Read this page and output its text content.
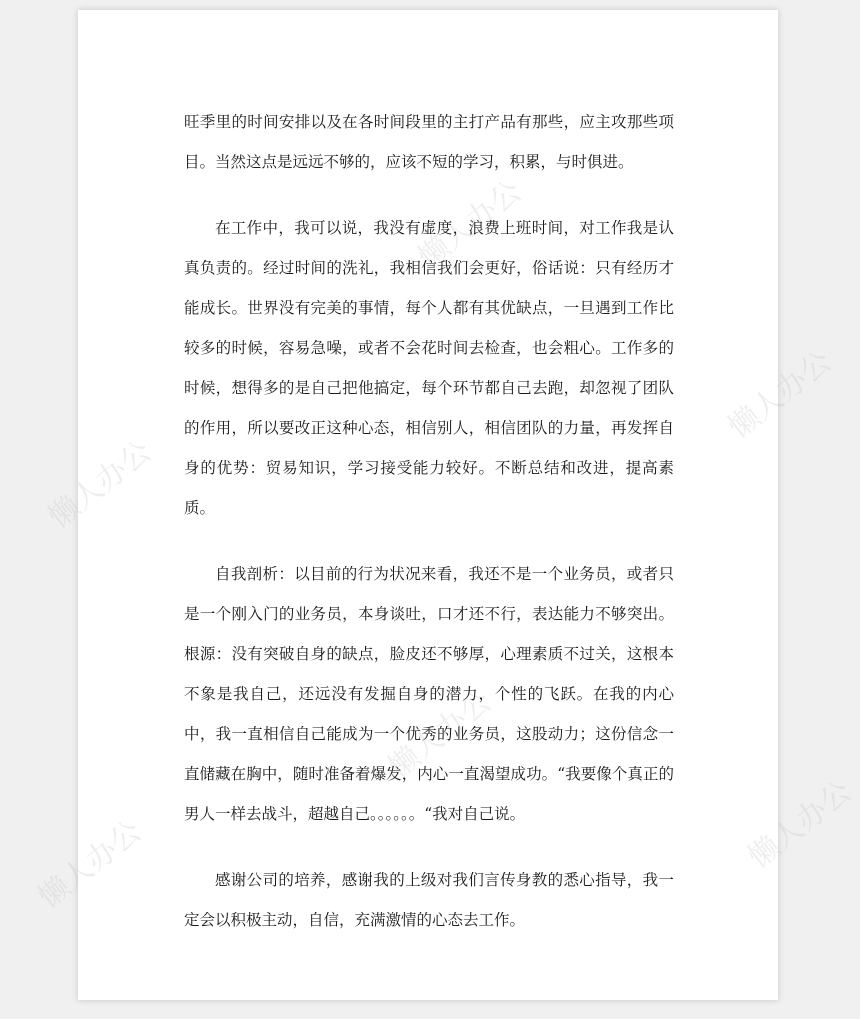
懒人办公
懒人办公
懒人办公
懒人办公
懒人办公	懒人办公

旺季里的时间安排以及在各时间段里的主打产品有那些，应主攻那些项目。当然这点是远远不够的，应该不短的学习，积累，与时俱进。

在工作中，我可以说，我没有虚度，浪费上班时间，对工作我是认真负责的。经过时间的洗礼，我相信我们会更好，俗话说：只有经历才能成长。世界没有完美的事情，每个人都有其优缺点，一旦遇到工作比较多的时候，容易急噪，或者不会花时间去检查，也会粗心。工作多的时候，想得多的是自己把他搞定，每个环节都自己去跑，却忽视了团队的作用，所以要改正这种心态，相信别人，相信团队的力量，再发挥自身的优势：贸易知识，学习接受能力较好。不断总结和改进，提高素质。

自我剖析：以目前的行为状况来看，我还不是一个业务员，或者只是一个刚入门的业务员，本身谈吐，口才还不行，表达能力不够突出。根源：没有突破自身的缺点，脸皮还不够厚，心理素质不过关，这根本不象是我自己，还远没有发掘自身的潜力，个性的飞跃。在我的内心中，我一直相信自己能成为一个优秀的业务员，这股动力；这份信念一直储藏在胸中，随时准备着爆发，内心一直渴望成功。“我要像个真正的男人一样去战斗，超越自己。。。。。。“我对自己说。

感谢公司的培养，感谢我的上级对我们言传身教的悉心指导，我一定会以积极主动，自信，充满激情的心态去工作。
